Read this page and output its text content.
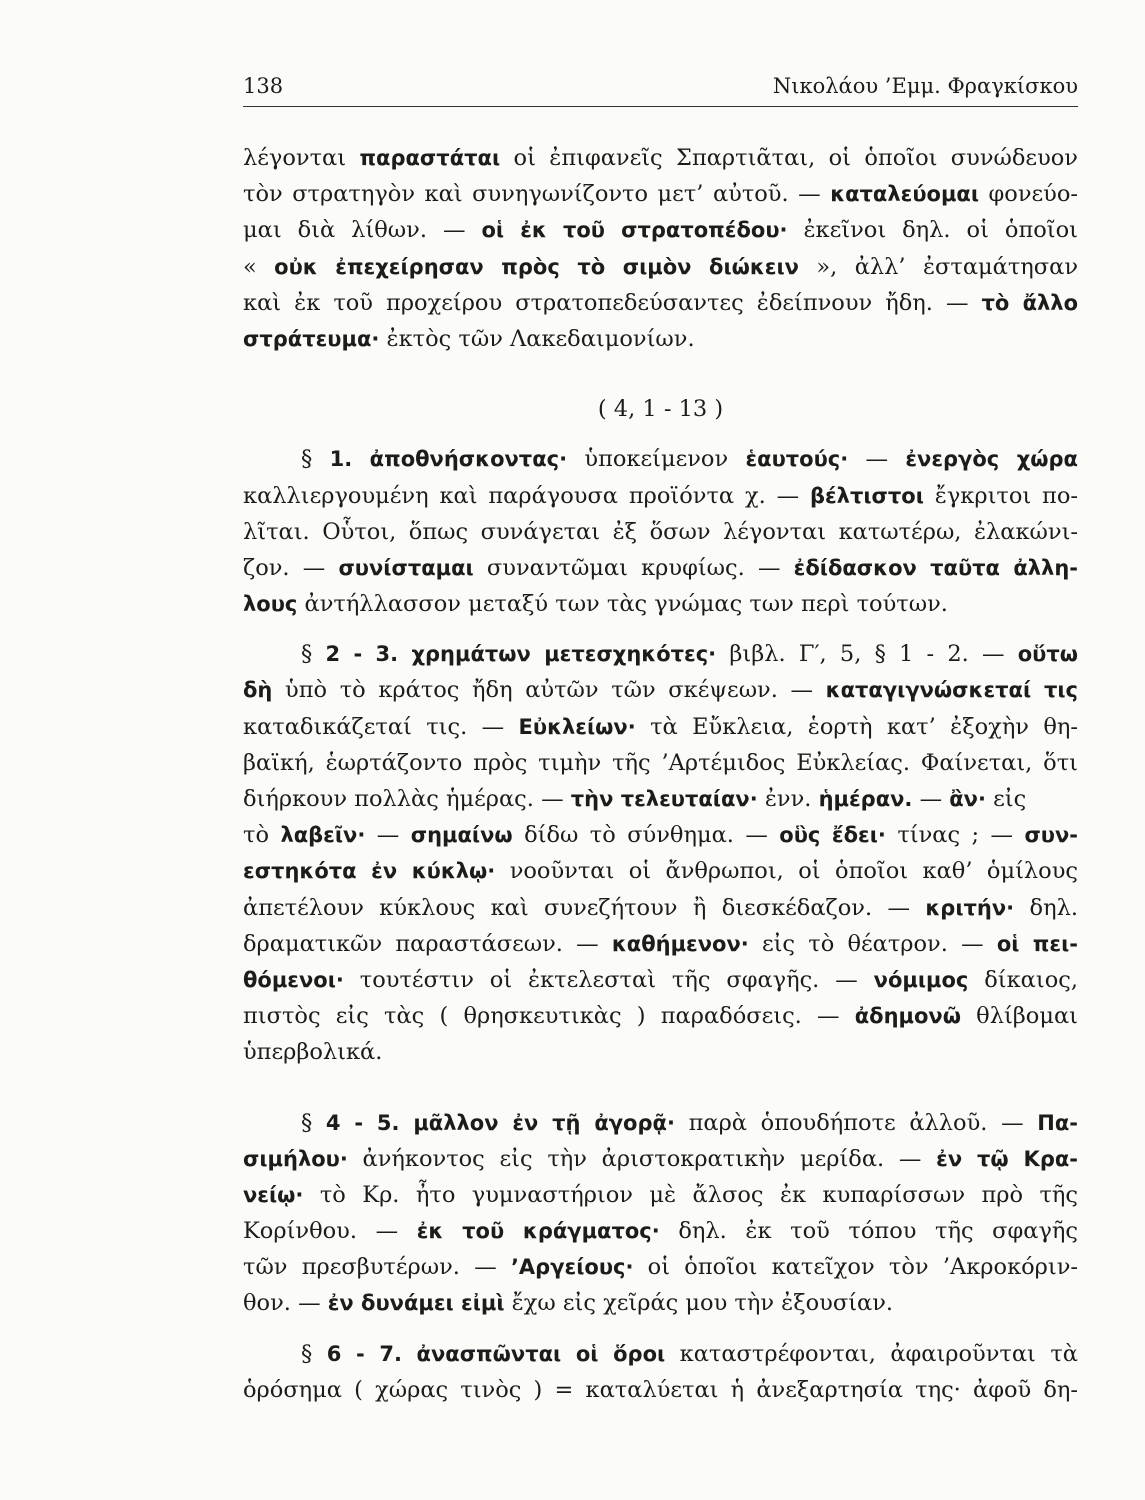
138	Νικολάου ’Εμμ. Φραγκίσκου
λέγονται παραστάται οἱ ἐπιφανεῖς Σπαρτιᾶται, οἱ ὁποῖοι συνώδευον
τὸν στρατηγὸν καὶ συνηγωνίζοντο μετ’ αὐτοῦ. — καταλεύομαι φονεύο-
μαι διὰ λίθων. — οἱ ἐκ τοῦ στρατοπέδου· ἐκεῖνοι δηλ. οἱ ὁποῖοι
« οὐκ ἐπεχείρησαν πρὸς τὸ σιμὸν διώκειν », ἀλλ’ ἐσταμάτησαν
καὶ ἐκ τοῦ προχείρου στρατοπεδεύσαντες ἐδείπνουν ἤδη. — τὸ ἄλλο
στράτευμα· ἐκτὸς τῶν Λακεδαιμονίων.
( 4, 1 - 13 )
§ 1. ἀποθνήσκοντας· ὑποκείμενον ἑαυτούς· — ἐνεργὸς χώρα
καλλιεργουμένη καὶ παράγουσα προϊόντα χ. — βέλτιστοι ἔγκριτοι πο-
λῖται. Οὗτοι, ὅπως συνάγεται ἐξ ὅσων λέγονται κατωτέρω, ἐλακώνι-
ζον. — συνίσταμαι συναντῶμαι κρυφίως. — ἐδίδασκον ταῦτα ἀλλη-
λους ἀντήλλασσον μεταξύ των τὰς γνώμας των περὶ τούτων.
§ 2 - 3. χρημάτων μετεσχηκότες· βιβλ. Γ′, 5, § 1 - 2. — οὕτω
δὴ ὑπὸ τὸ κράτος ἤδη αὐτῶν τῶν σκέψεων. — καταγιγνώσκεταί τις
καταδικάζεταί τις. — Εὐκλείων· τὰ Εὔκλεια, ἑορτὴ κατ’ ἐξοχὴν θη-
βαϊκή, ἑωρτάζοντο πρὸς τιμὴν τῆς ’Αρτέμιδος Εὐκλείας. Φαίνεται, ὅτι
διήρκουν πολλὰς ἡμέρας. — τὴν τελευταίαν· ἐνν. ἡμέραν. — ἂν· εἰς
τὸ λαβεῖν· — σημαίνω δίδω τὸ σύνθημα. — οὓς ἔδει· τίνας ; — συν-
εστηκότα ἐν κύκλῳ· νοοῦνται οἱ ἄνθρωποι, οἱ ὁποῖοι καθ’ ὁμίλους
ἀπετέλουν κύκλους καὶ συνεζήτουν ἢ διεσκέδαζον. — κριτήν· δηλ.
δραματικῶν παραστάσεων. — καθήμενον· εἰς τὸ θέατρον. — οἱ πει-
θόμενοι· τουτέστιν οἱ ἐκτελεσταὶ τῆς σφαγῆς. — νόμιμος δίκαιος,
πιστὸς εἰς τὰς ( θρησκευτικὰς ) παραδόσεις. — ἀδημονῶ θλίβομαι
ὑπερβολικά.
§ 4 - 5. μᾶλλον ἐν τῇ ἀγορᾷ· παρὰ ὁπουδήποτε ἀλλοῦ. — Πα-
σιμήλου· ἀνήκοντος εἰς τὴν ἀριστοκρατικὴν μερίδα. — ἐν τῷ Κρα-
νείῳ· τὸ Κρ. ἦτο γυμναστήριον μὲ ἄλσος ἐκ κυπαρίσσων πρὸ τῆς
Κορίνθου. — ἐκ τοῦ κράγματος· δηλ. ἐκ τοῦ τόπου τῆς σφαγῆς
τῶν πρεσβυτέρων. — ’Αργείους· οἱ ὁποῖοι κατεῖχον τὸν ’Ακροκόριν-
θον. — ἐν δυνάμει εἰμὶ ἔχω εἰς χεῖράς μου τὴν ἐξουσίαν.
§ 6 - 7. ἀνασπῶνται οἱ ὅροι καταστρέφονται, ἀφαιροῦνται τὰ
ὁρόσημα ( χώρας τινὸς ) = καταλύεται ἡ ἀνεξαρτησία της· ἀφοῦ δη-
